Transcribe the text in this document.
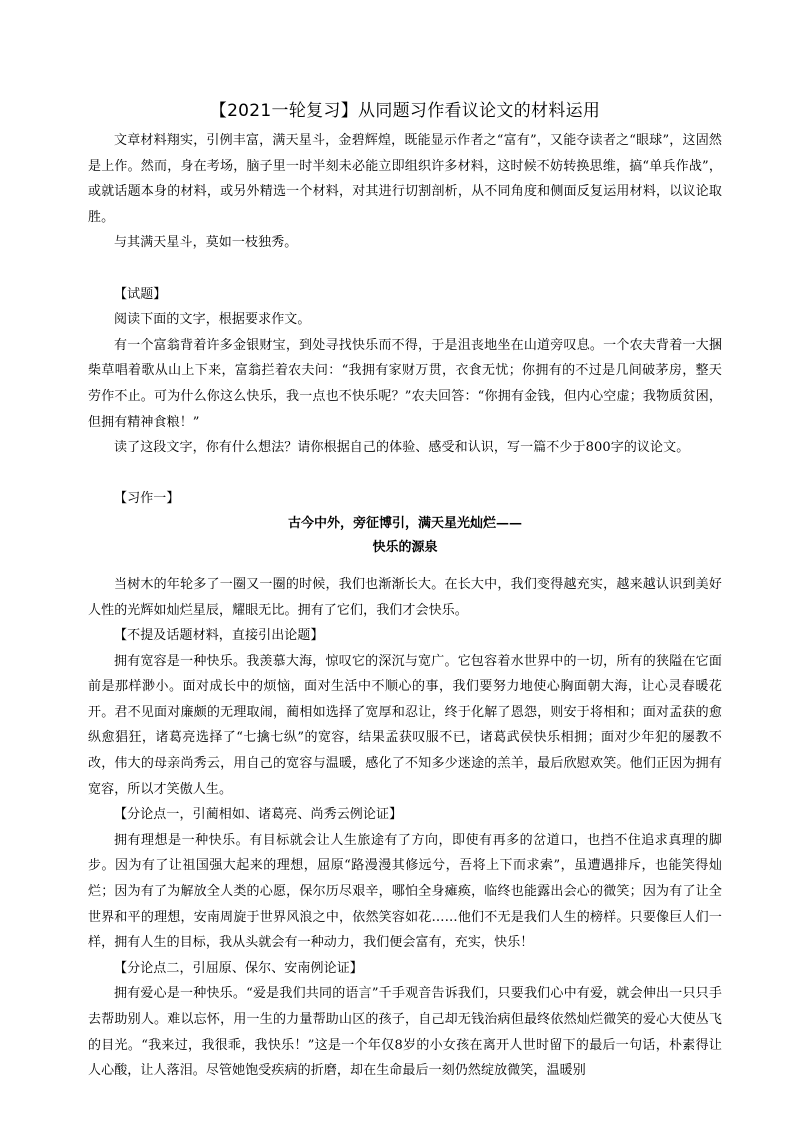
【2021一轮复习】从同题习作看议论文的材料运用

文章材料翔实，引例丰富，满天星斗，金碧辉煌，既能显示作者之“富有”，又能夺读者之“眼球”，这固然是上作。然而，身在考场，脑子里一时半刻未必能立即组织许多材料，这时候不妨转换思维，搞“单兵作战”，或就话题本身的材料，或另外精选一个材料，对其进行切割剖析，从不同角度和侧面反复运用材料，以议论取胜。

与其满天星斗，莫如一枝独秀。

【试题】

阅读下面的文字，根据要求作文。

有一个富翁背着许多金银财宝，到处寻找快乐而不得，于是沮丧地坐在山道旁叹息。一个农夫背着一大捆柴草唱着歌从山上下来，富翁拦着农夫问：“我拥有家财万贯，衣食无忧；你拥有的不过是几间破茅房，整天劳作不止。可为什么你这么快乐，我一点也不快乐呢？”农夫回答：“你拥有金钱，但内心空虚；我物质贫困，但拥有精神食粮！”

读了这段文字，你有什么想法？请你根据自己的体验、感受和认识，写一篇不少于800字的议论文。

【习作一】

古今中外，旁征博引，满天星光灿烂——

快乐的源泉

当树木的年轮多了一圈又一圈的时候，我们也渐渐长大。在长大中，我们变得越充实，越来越认识到美好人性的光辉如灿烂星辰，耀眼无比。拥有了它们，我们才会快乐。

【不提及话题材料，直接引出论题】

拥有宽容是一种快乐。我羡慕大海，惊叹它的深沉与宽广。它包容着水世界中的一切，所有的狭隘在它面前是那样渺小。面对成长中的烦恼，面对生活中不顺心的事，我们要努力地使心胸面朝大海，让心灵春暖花开。君不见面对廉颇的无理取闹，蔺相如选择了宽厚和忍让，终于化解了恩怨，则安于将相和；面对孟获的愈纵愈猖狂，诸葛亮选择了“七擒七纵”的宽容，结果孟获叹服不已，诸葛武侯快乐相拥；面对少年犯的屡教不改，伟大的母亲尚秀云，用自己的宽容与温暖，感化了不知多少迷途的羔羊，最后欣慰欢笑。他们正因为拥有宽容，所以才笑傲人生。

【分论点一，引蔺相如、诸葛亮、尚秀云例论证】

拥有理想是一种快乐。有目标就会让人生旅途有了方向，即使有再多的岔道口，也挡不住追求真理的脚步。因为有了让祖国强大起来的理想，屈原“路漫漫其修远兮，吾将上下而求索”，虽遭遇排斥，也能笑得灿烂；因为有了为解放全人类的心愿，保尔历尽艰辛，哪怕全身瘫痪，临终也能露出会心的微笑；因为有了让全世界和平的理想，安南周旋于世界风浪之中，依然笑容如花……他们不无是我们人生的榜样。只要像巨人们一样，拥有人生的目标，我从头就会有一种动力，我们便会富有，充实，快乐！

【分论点二，引屈原、保尔、安南例论证】

拥有爱心是一种快乐。“爱是我们共同的语言”千手观音告诉我们，只要我们心中有爱，就会伸出一只只手去帮助别人。难以忘怀，用一生的力量帮助山区的孩子，自己却无钱治病但最终依然灿烂微笑的爱心大使丛飞的目光。“我来过，我很乖，我快乐！”这是一个年仅8岁的小女孩在离开人世时留下的最后一句话，朴素得让人心酸，让人落泪。尽管她饱受疾病的折磨，却在生命最后一刻仍然绽放微笑，温暖别
